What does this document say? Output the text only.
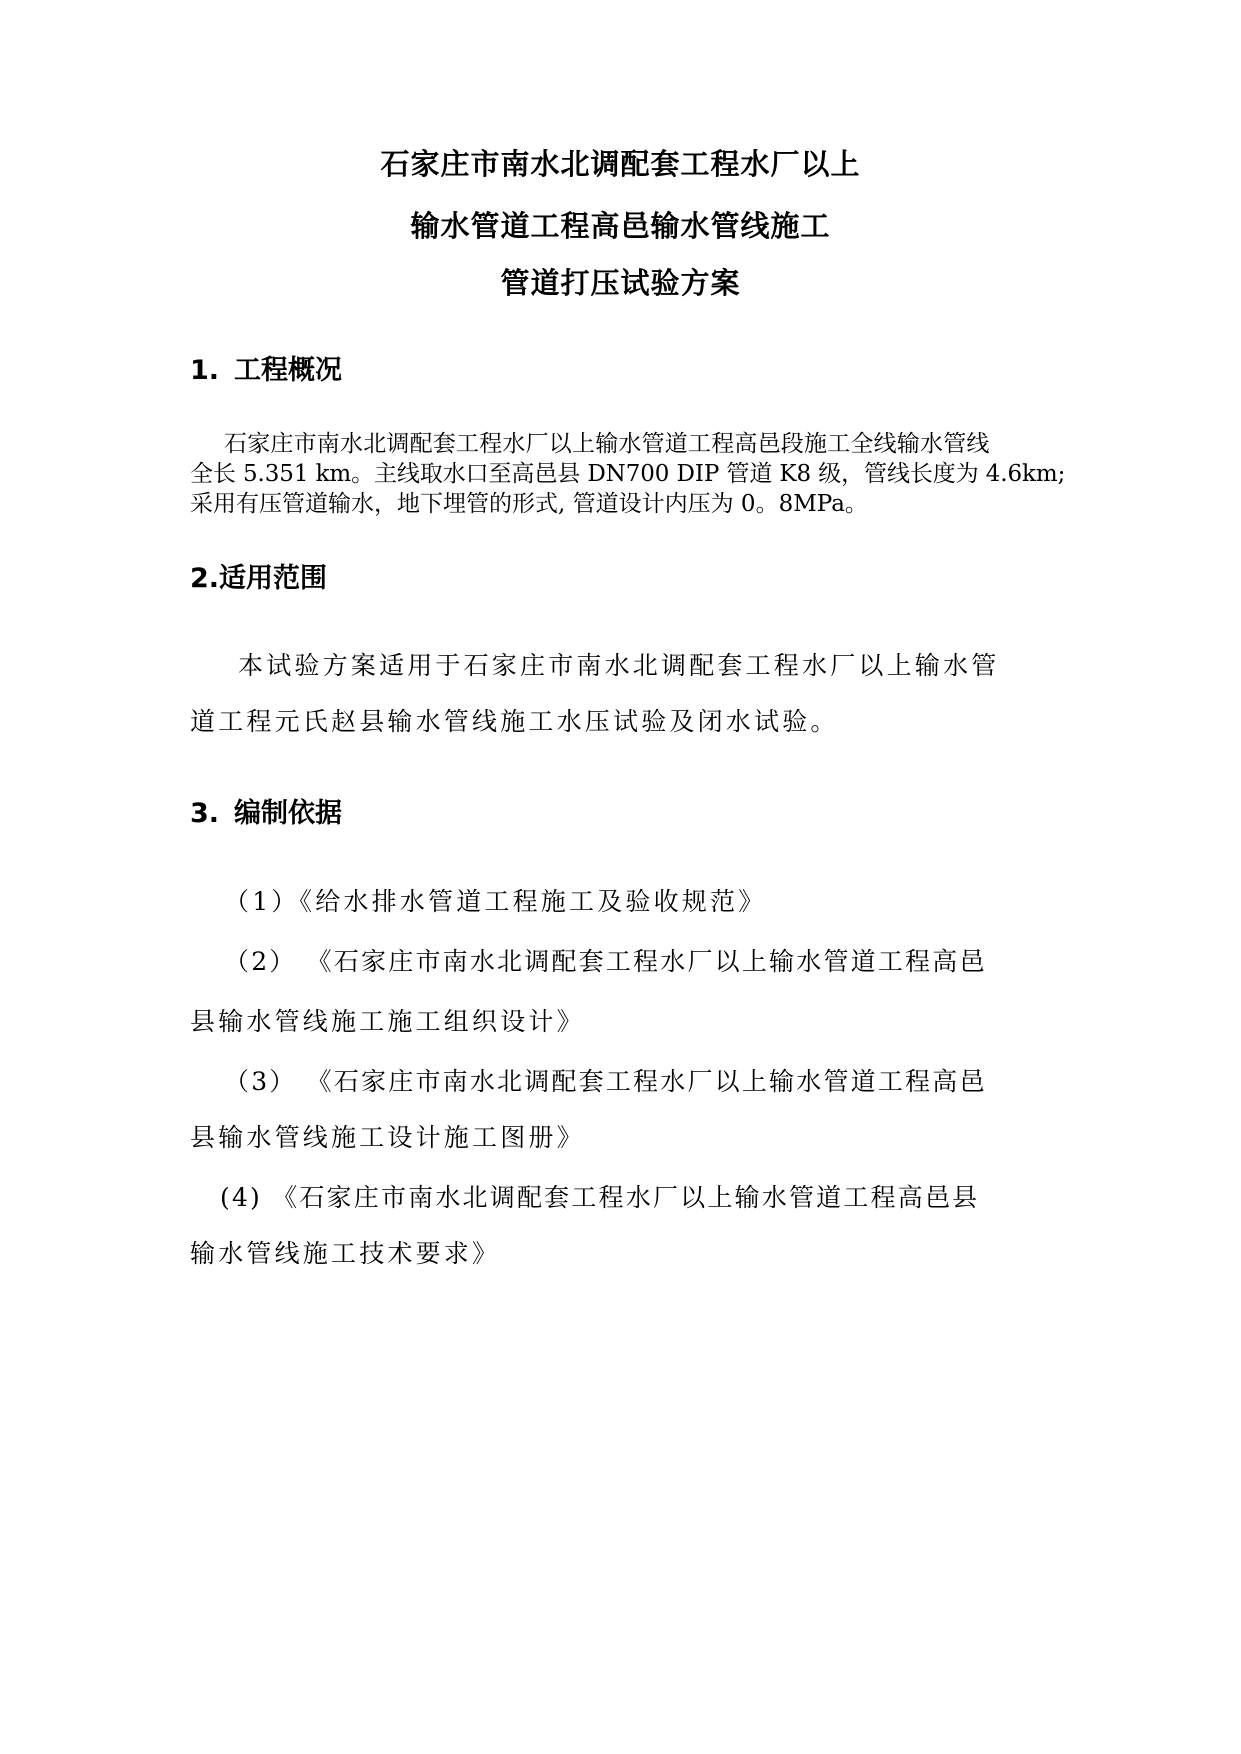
石家庄市南水北调配套工程水厂以上
输水管道工程高邑输水管线施工
管道打压试验方案
1. 工程概况
石家庄市南水北调配套工程水厂以上输水管道工程高邑段施工全线输水管线
全长 5.351 km。主线取水口至高邑县 DN700 DIP 管道 K8 级，管线长度为 4.6km;
采用有压管道输水，地下埋管的形式, 管道设计内压为 0。8MPa。
2.适用范围
本试验方案适用于石家庄市南水北调配套工程水厂以上输水管
道工程元氏赵县输水管线施工水压试验及闭水试验。
3. 编制依据
（1）《给水排水管道工程施工及验收规范》
（2） 《石家庄市南水北调配套工程水厂以上输水管道工程高邑
县输水管线施工施工组织设计》
（3） 《石家庄市南水北调配套工程水厂以上输水管道工程高邑
县输水管线施工设计施工图册》
(4) 《石家庄市南水北调配套工程水厂以上输水管道工程高邑县
输水管线施工技术要求》
